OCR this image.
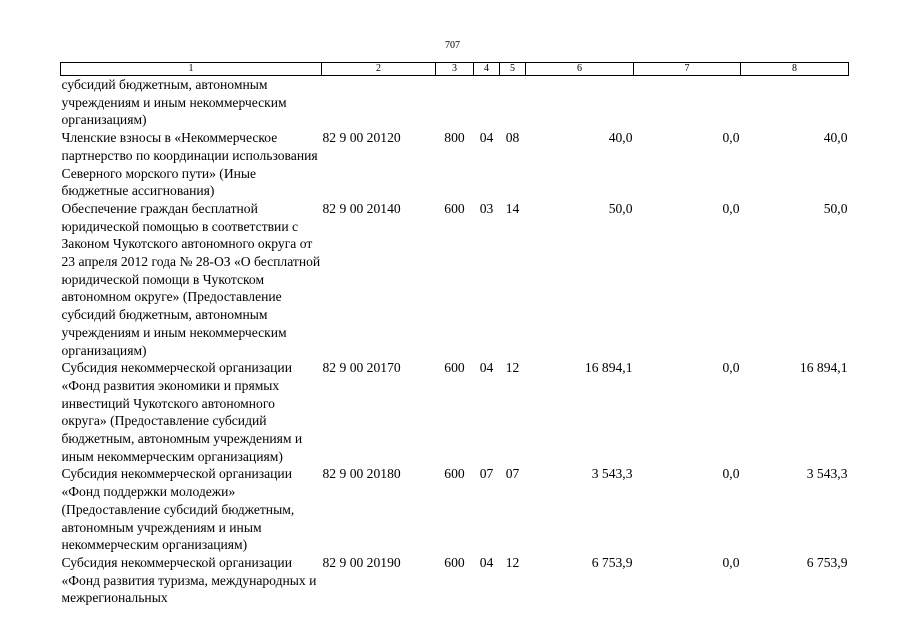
707
1	2	3	4	5	6	7	8
субсидий бюджетным, автономным учреждениям и иным некоммерческим организациям)							
Членские взносы в «Некоммерческое партнерство по координации использования Северного морского пути» (Иные бюджетные ассигнования)	82 9 00 20120	800	04	08	40,0	0,0	40,0
Обеспечение граждан бесплатной юридической помощью в соответствии с Законом Чукотского автономного округа от 23 апреля 2012 года № 28-ОЗ «О бесплатной юридической помощи в Чукотском автономном округе» (Предоставление субсидий бюджетным, автономным учреждениям и иным некоммерческим организациям)	82 9 00 20140	600	03	14	50,0	0,0	50,0
Субсидия некоммерческой организации «Фонд развития экономики и прямых инвестиций Чукотского автономного округа» (Предоставление субсидий бюджетным, автономным учреждениям и иным некоммерческим организациям)	82 9 00 20170	600	04	12	16 894,1	0,0	16 894,1
Субсидия некоммерческой организации «Фонд поддержки молодежи» (Предоставление субсидий бюджетным, автономным учреждениям и иным некоммерческим организациям)	82 9 00 20180	600	07	07	3 543,3	0,0	3 543,3
Субсидия некоммерческой организации «Фонд развития туризма, международных и межрегиональных	82 9 00 20190	600	04	12	6 753,9	0,0	6 753,9
